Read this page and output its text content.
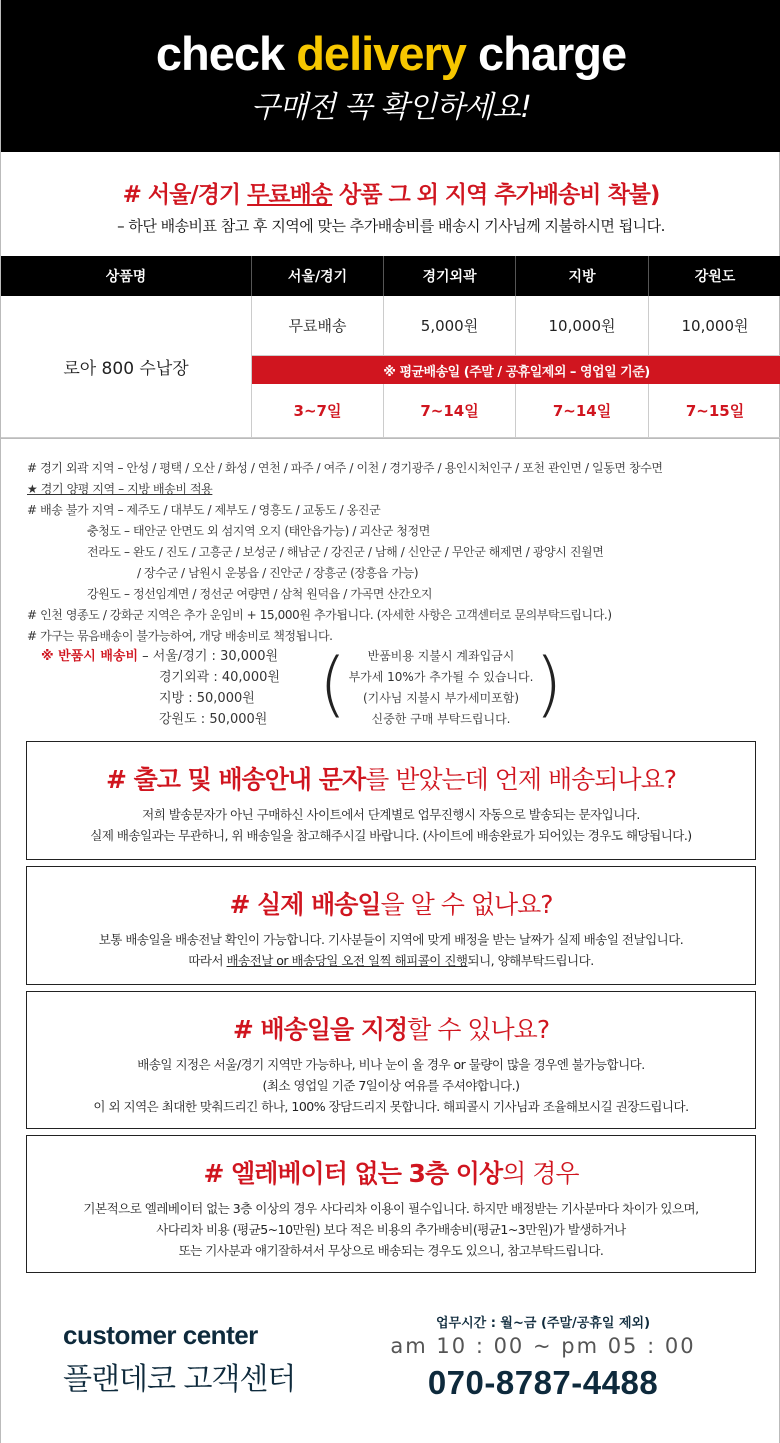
check delivery charge
구매전 꼭 확인하세요!
# 서울/경기 무료배송 상품 그 외 지역 추가배송비 착불)
– 하단 배송비표 참고 후 지역에 맞는 추가배송비를 배송시 기사님께 지불하시면 됩니다.
상품명	서울/경기	경기외곽	지방	강원도
로아 800 수납장
무료배송	5,000원	10,000원	10,000원
※ 평균배송일 (주말 / 공휴일제외 – 영업일 기준)
3~7일	7~14일	7~14일	7~15일
# 경기 외곽 지역 – 안성 / 평택 / 오산 / 화성 / 연천 / 파주 / 여주 / 이천 / 경기광주 / 용인시처인구 / 포천 관인면 / 일동면 창수면
★ 경기 양평 지역 – 지방 배송비 적용
# 배송 불가 지역 – 제주도 / 대부도 / 제부도 / 영흥도 / 교동도 / 옹진군
충청도 – 태안군 안면도 외 섬지역 오지 (태안읍가능) / 괴산군 청정면
전라도 – 완도 / 진도 / 고흥군 / 보성군 / 해남군 / 강진군 / 남해 / 신안군 / 무안군 해제면 / 광양시 진월면
/ 장수군 / 남원시 운봉읍 / 진안군 / 장흥군 (장흥읍 가능)
강원도 – 정선임계면 / 정선군 여량면 / 삼척 원덕읍 / 가곡면 산간오지
# 인천 영종도 / 강화군 지역은 추가 운임비 + 15,000원 추가됩니다. (자세한 사항은 고객센터로 문의부탁드립니다.)
# 가구는 묶음배송이 불가능하여, 개당 배송비로 책정됩니다.
※ 반품시 배송비 – 서울/경기 : 30,000원
경기외곽 : 40,000원
지방 : 50,000원
강원도 : 50,000원 (	반품비용 지불시 계좌입금시
부가세 10%가 추가될 수 있습니다.
(기사님 지불시 부가세미포함)
신중한 구매 부탁드립니다. )
# 출고 및 배송안내 문자를 받았는데 언제 배송되나요?
저희 발송문자가 아닌 구매하신 사이트에서 단계별로 업무진행시 자동으로 발송되는 문자입니다.
실제 배송일과는 무관하니, 위 배송일을 참고해주시길 바랍니다. (사이트에 배송완료가 되어있는 경우도 해당됩니다.)
# 실제 배송일을 알 수 없나요?
보통 배송일을 배송전날 확인이 가능합니다. 기사분들이 지역에 맞게 배정을 받는 날짜가 실제 배송일 전날입니다.
따라서 배송전날 or 배송당일 오전 일찍 해피콜이 진행되니, 양해부탁드립니다.
# 배송일을 지정할 수 있나요?
배송일 지정은 서울/경기 지역만 가능하나, 비나 눈이 올 경우 or 물량이 많을 경우엔 불가능합니다.
(최소 영업일 기준 7일이상 여유를 주셔야합니다.)
이 외 지역은 최대한 맞춰드리긴 하나, 100% 장담드리지 못합니다. 해피콜시 기사님과 조율해보시길 권장드립니다.
# 엘레베이터 없는 3층 이상의 경우
기본적으로 엘레베이터 없는 3층 이상의 경우 사다리차 이용이 필수입니다. 하지만 배정받는 기사분마다 차이가 있으며,
사다리차 비용 (평균5~10만원) 보다 적은 비용의 추가배송비(평균1~3만원)가 발생하거나
또는 기사분과 얘기잘하셔서 무상으로 배송되는 경우도 있으니, 참고부탁드립니다.
customer center
플랜데코 고객센터
업무시간 : 월~금 (주말/공휴일 제외)
am 10 : 00 ~ pm 05 : 00
070-8787-4488
